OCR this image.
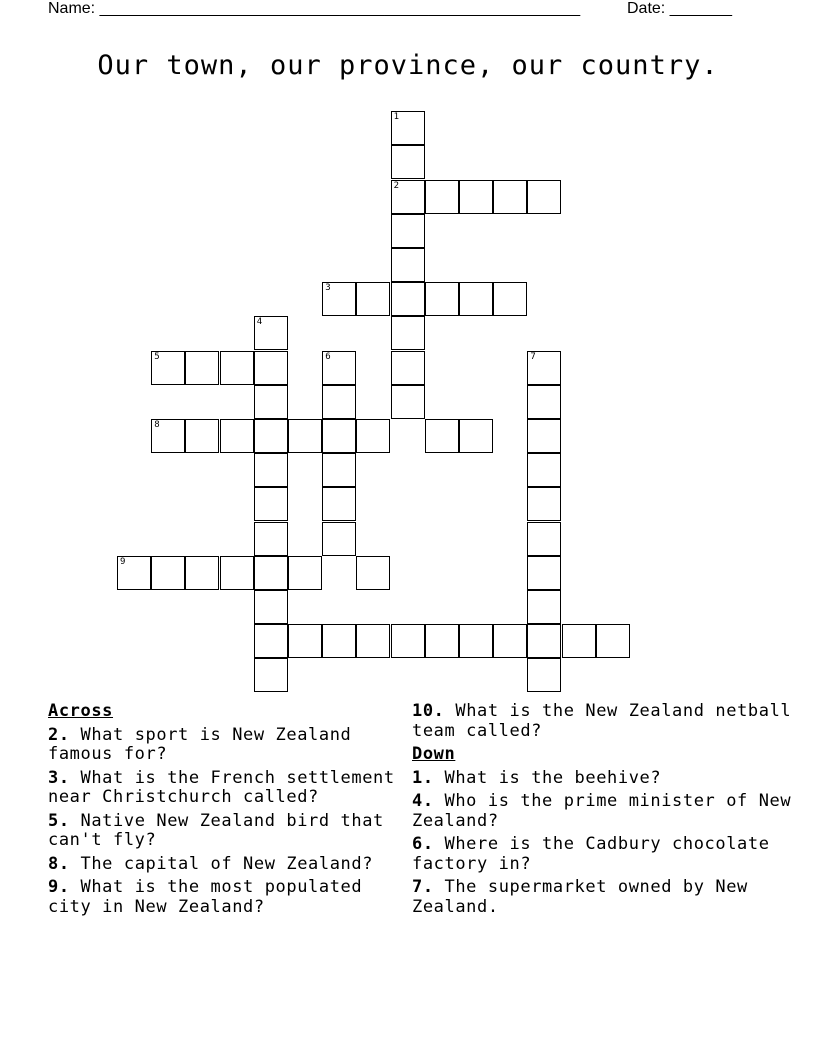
Name: ______________________________________________________	Date: _______
Our town, our province, our country.
1
2
3
4
5	6	7
8
9
Across
2. What sport is New Zealand famous for?
3. What is the French settlement near Christchurch called?
5. Native New Zealand bird that can't fly?
8. The capital of New Zealand?
9. What is the most populated city in New Zealand?
10. What is the New Zealand netball team called?
Down
1. What is the beehive?
4. Who is the prime minister of New Zealand?
6. Where is the Cadbury chocolate factory in?
7. The supermarket owned by New Zealand.
